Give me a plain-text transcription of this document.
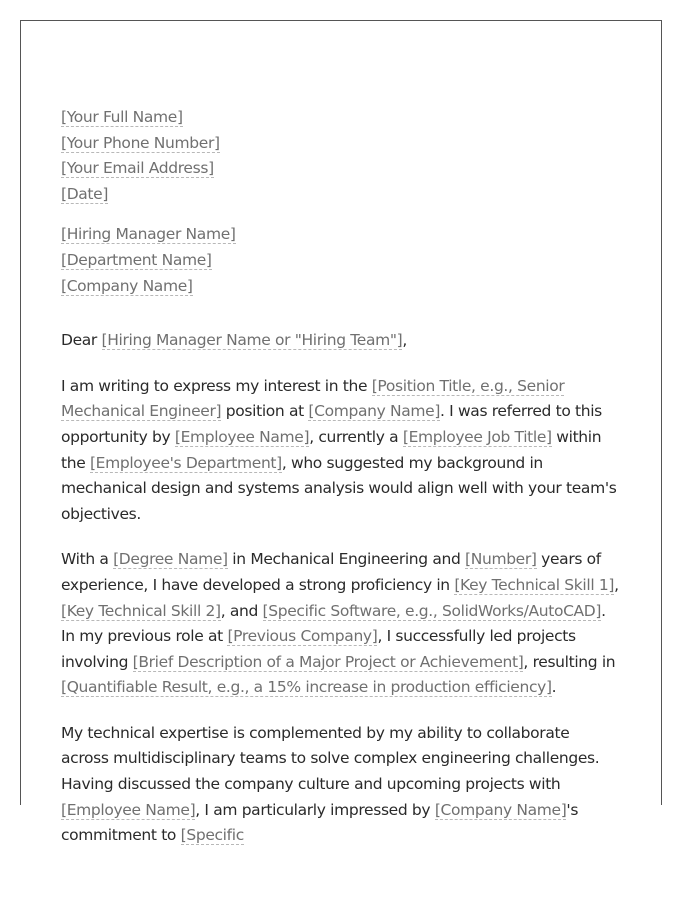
[Your Full Name]
[Your Phone Number]
[Your Email Address]
[Date]
[Hiring Manager Name]
[Department Name]
[Company Name]
Dear [Hiring Manager Name or "Hiring Team"],

I am writing to express my interest in the [Position Title, e.g., Senior Mechanical Engineer] position at [Company Name]. I was referred to this opportunity by [Employee Name], currently a [Employee Job Title] within the [Employee's Department], who suggested my background in mechanical design and systems analysis would align well with your team's objectives.

With a [Degree Name] in Mechanical Engineering and [Number] years of experience, I have developed a strong proficiency in [Key Technical Skill 1], [Key Technical Skill 2], and [Specific Software, e.g., SolidWorks/AutoCAD]. In my previous role at [Previous Company], I successfully led projects involving [Brief Description of a Major Project or Achievement], resulting in [Quantifiable Result, e.g., a 15% increase in production efficiency].

My technical expertise is complemented by my ability to collaborate across multidisciplinary teams to solve complex engineering challenges. Having discussed the company culture and upcoming projects with [Employee Name], I am particularly impressed by [Company Name]'s commitment to [Specific
